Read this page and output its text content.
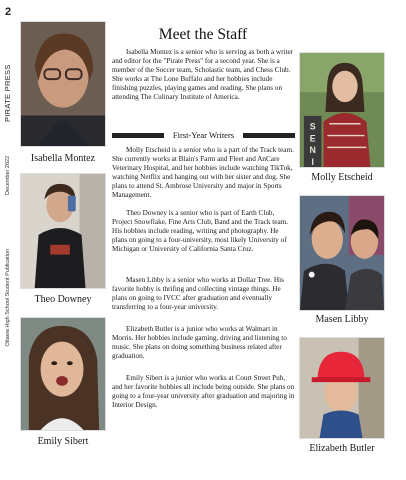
2
PIRATE PRESS
December 2022
Ottawa High School Student Publication
Meet the Staff
Isabella Montez
Theo Downey
Emily Sibert
S
E
N
I
Molly Etscheid
Masen Libby
Elizabeth Butler
Isabella Montez is a senior who is serving as both a writer and editor for the "Pirate Press" for a second year. She is a member of the Soccer team, Scholastic team, and Chess Club. She works at The Lone Buffalo and her hobbies include finishing puzzles, playing games and reading. She plans on attending The Culinary Institute of America.
First-Year Writers
Molly Etscheid is a senior who is a part of the Track team. She currently works at Blain's Farm and Fleet and AnCare Veterinary Hospital, and her hobbies include watching TikTok, watching Netflix and hanging out with her sister and dog. She plans to attend St. Ambrose University and major in Sports Management.
Theo Downey is a senior who is part of Earth Club, Project Snowflake, Fine Arts Club, Band and the Track team. His hobbies include reading, writing and photography. He plans on going to a four-university, most likely University of Michigan or University of California Santa Cruz.
Masen Libby is a senior who works at Dollar Tree. His favorite hobby is thrifing and collecting vintage things. He plans on going to IVCC after graduation and eventually transferring to a four-year university.
Elizabeth Butler is a junior who works at Walmart in Morris. Her hobbies include gaming, driving and listening to music. She plans on doing something business related after graduation.
Emily Sibert is a junior who works at Court Street Pub, and her favorite hobbies all include being outside. She plans on going to a four-year university after graduation and majoring in Interior Design.
